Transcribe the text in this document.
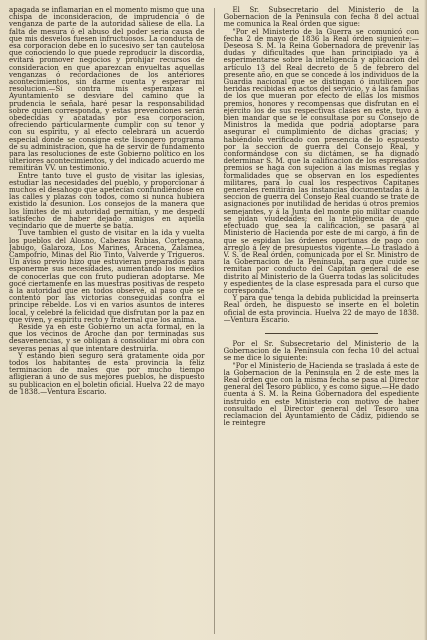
apagada se inflamarian en el momento mismo que una chispa de inconsideracion, de imprudencia ó de venganza de parte de la autoridad saliese de ella. La falta de mesura ó el abuso del poder seria causa de que mis desvelos fuesen infructuosos. La conducta de esa corporacion debe en lo sucesivo ser tan cautelosa que conociendo lo que puede reproducir la discordia, evitará promover negocios y prohijar recursos de consideracion en que aparezcan envueltas aquellas venganzas ó recordaciones de los anteriores acontecimientos, sin darme cuenta y esperar mi resolucion.—Si contra mis esperanzas el Ayuntamiento se desviare del camino que la prudencia le señala, haré pesar la responsabilidad sobre quien corresponda, y estas prevenciones serán obedecidas y acatadas por esa corporacion, ofreciendo particularmente cumplir con su tenor y con su espíritu, y al efecto celebrará un acuerdo especial donde se consigne este lisongero programa de su administracion, que ha de servir de fundamento para las resoluciones de este Gobierno político en los ulteriores acontecimientos, y del indicado acuerdo me remitirán VV. un testimonio.

Entre tanto tuve el gusto de visitar las iglesias, estudiar las necesidades del pueblo, y proporcionar á muchos el desahogo que apetecían confundiéndose en las calles y plazas con todos, como si nunca hubiera existido la desunion. Los consejos de la manera que los límites de mi autoridad permitían, y me despedí satisfecho de haber dejado amigos en aquella vecindario que de muerte se batía.

Tuve tambien el gusto de visitar en la ida y vuelta los pueblos del Alosno, Cabezas Rubias, Cortegana, Jabugo, Galaroza, Los Marines, Aracena, Zalamea, Campofrío, Minas del Rio Tinto, Valverde y Trigueros. Un aviso previo hizo que estuvieran preparados para esponerme sus necesidades, aumentando los medios de conocerlas que con fruto pudieran adoptarse. Me gocé ciertamente en las muestras positivas de respeto á la autoridad que en todos observé, al paso que se contentó por las victorias conseguidas contra el principe rebelde. Los vi en varios asuntos de interes local, y celebré la felicidad que disfrutan por la paz en que viven, y espíritu recto y fraternal que los anima.

Reside ya en este Gobierno un acta formal, en la que los vecinos de Aroche dan por terminadas sus desavenencias, y se obligan á consolidar mi obra con severas penas al que intentare destruirla.

Y estando bien seguro será gratamente oida por todos los habitantes de esta provincia la feliz terminacion de males que por mucho tiempo afligieran á uno de sus mejores pueblos, he dispuesto su publicacion en el boletin oficial. Huelva 22 de mayo de 1838.—Ventura Escario.

El Sr. Subsecretario del Ministerio de la Gobernacion de la Peninsula con fecha 8 del actual me comunica la Real órden que sigue:

"Por el Ministerio de la Guerra se comunicó con fecha 2 de mayo de 1836 la Real órden siguiente:—Deseosa S. M. la Reina Gobernadora de prevenir las dudas y dificultades que han principiado ya á esperimentarse sobre la inteligencia y aplicacion del artículo 13 del Real decreto de 5 de febrero del presente año, en que se concede á los individuos de la Guardia nacional que se distingan ó inutilicen por heridas recibidas en actos del servicio, y á las familias de los que mueran por efecto de ellas los mismos premios, honores y recompensas que disfrutan en el ejército los de sus respectivas clases en este, tuvo á bien mandar que se le consultase por su Consejo de Ministros la medida que podria adoptarse para asegurar el cumplimiento de dichas gracias; y habiéndolo verificado con presencia de lo espuesto por la seccion de guerra del Consejo Real, y conformándose con su dictámen, se ha dignado determinar S. M. que la calificacion de los espresados premios se haga con sujecion á las mismas reglas y formalidades que se observan en los espedientes militares, para lo cual los respectivos Capitanes generales remitirán las instancias documentadas á la seccion de guerra del Consejo Real cuando se trate de asignaciones por inutilidad de heridas ú otros premios semejantes, y á la Junta del monte pio militar cuando se pidan viudedades; en la inteligencia de que efectuado que sea la calificacion, se pasará al Ministerio de Hacienda por este de mi cargo, á fin de que se espidan las órdenes oportunas de pago con arreglo á ley de presupuestos vigente.—Lo traslado á V. S. de Real órden, comunicada por el Sr. Ministro de la Gobernacion de la Península, para que cuide se remitan por conducto del Capitan general de ese distrito al Ministerio de la Guerra todas las solicitudes y espedientes de la clase espresada para el curso que corresponda."

Y para que tenga la debida publicidad la preinserta Real órden, he dispuesto se inserte en el boletin oficial de esta provincia. Huelva 22 de mayo de 1838.—Ventura Escario.

Por el Sr. Subsecretario del Ministerio de la Gobernacion de la Península con fecha 10 del actual se me dice lo siguiente:

"Por el Ministerio de Hacienda se traslada á este de la Gobernacion de la Peninsula en 2 de este mes la Real órden que con la misma fecha se pasa al Director general del Tesoro público, y es como sigue.—He dado cuenta á S. M. la Reina Gobernadora del espediente instruido en este Ministerio con motivo de haber consultado el Director general del Tesoro una reclamacion del Ayuntamiento de Cádiz, pidiendo se le reintegre
